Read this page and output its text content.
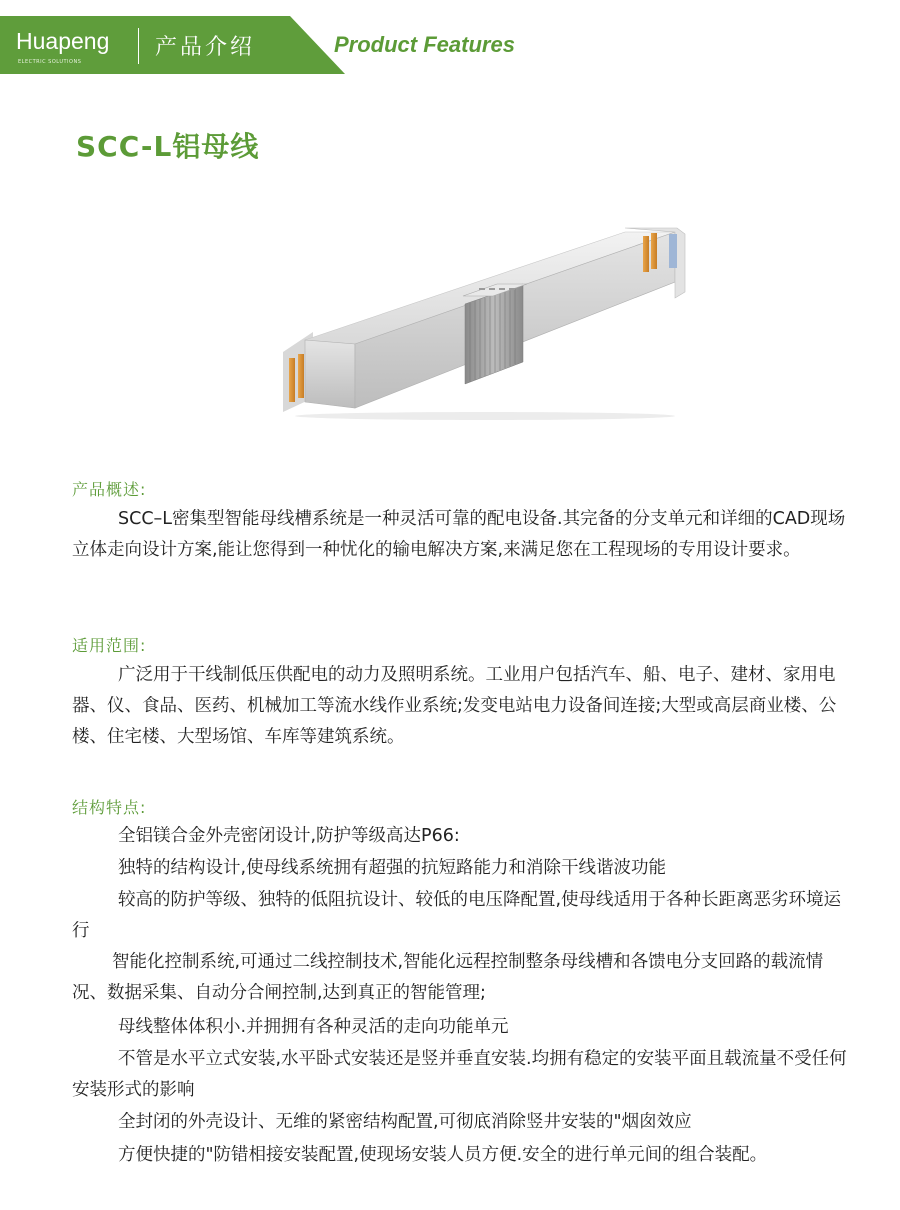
Huapeng
ELECTRIC SOLUTIONS
产品介绍	Product Features
SCC-L铝母线
产品概述:

SCC–L密集型智能母线槽系统是一种灵活可靠的配电设备.其完备的分支单元和详细的CAD现场立体走向设计方案,能让您得到一种忧化的输电解决方案,来满足您在工程现场的专用设计要求。

适用范围:

广泛用于干线制低压供配电的动力及照明系统。工业用户包括汽车、船、电子、建材、家用电器、仪、食品、医药、机械加工等流水线作业系统;发变电站电力设备间连接;大型或高层商业楼、公楼、住宅楼、大型场馆、车库等建筑系统。

结构特点:

全铝镁合金外壳密闭设计,防护等级高达P66:

独特的结构设计,使母线系统拥有超强的抗短路能力和消除干线谐波功能

较高的防护等级、独特的低阻抗设计、较低的电压降配置,使母线适用于各种长距离恶劣环境运行

智能化控制系统,可通过二线控制技术,智能化远程控制整条母线槽和各馈电分支回路的载流情况、数据采集、自动分合闸控制,达到真正的智能管理;

母线整体体积小.并拥拥有各种灵活的走向功能单元

不管是水平立式安装,水平卧式安装还是竖并垂直安装.均拥有稳定的安装平面且载流量不受任何安装形式的影响

全封闭的外壳设计、无维的紧密结构配置,可彻底消除竖井安装的"烟囱效应

方便快捷的"防错相接安装配置,使现场安装人员方便.安全的进行单元间的组合装配。
